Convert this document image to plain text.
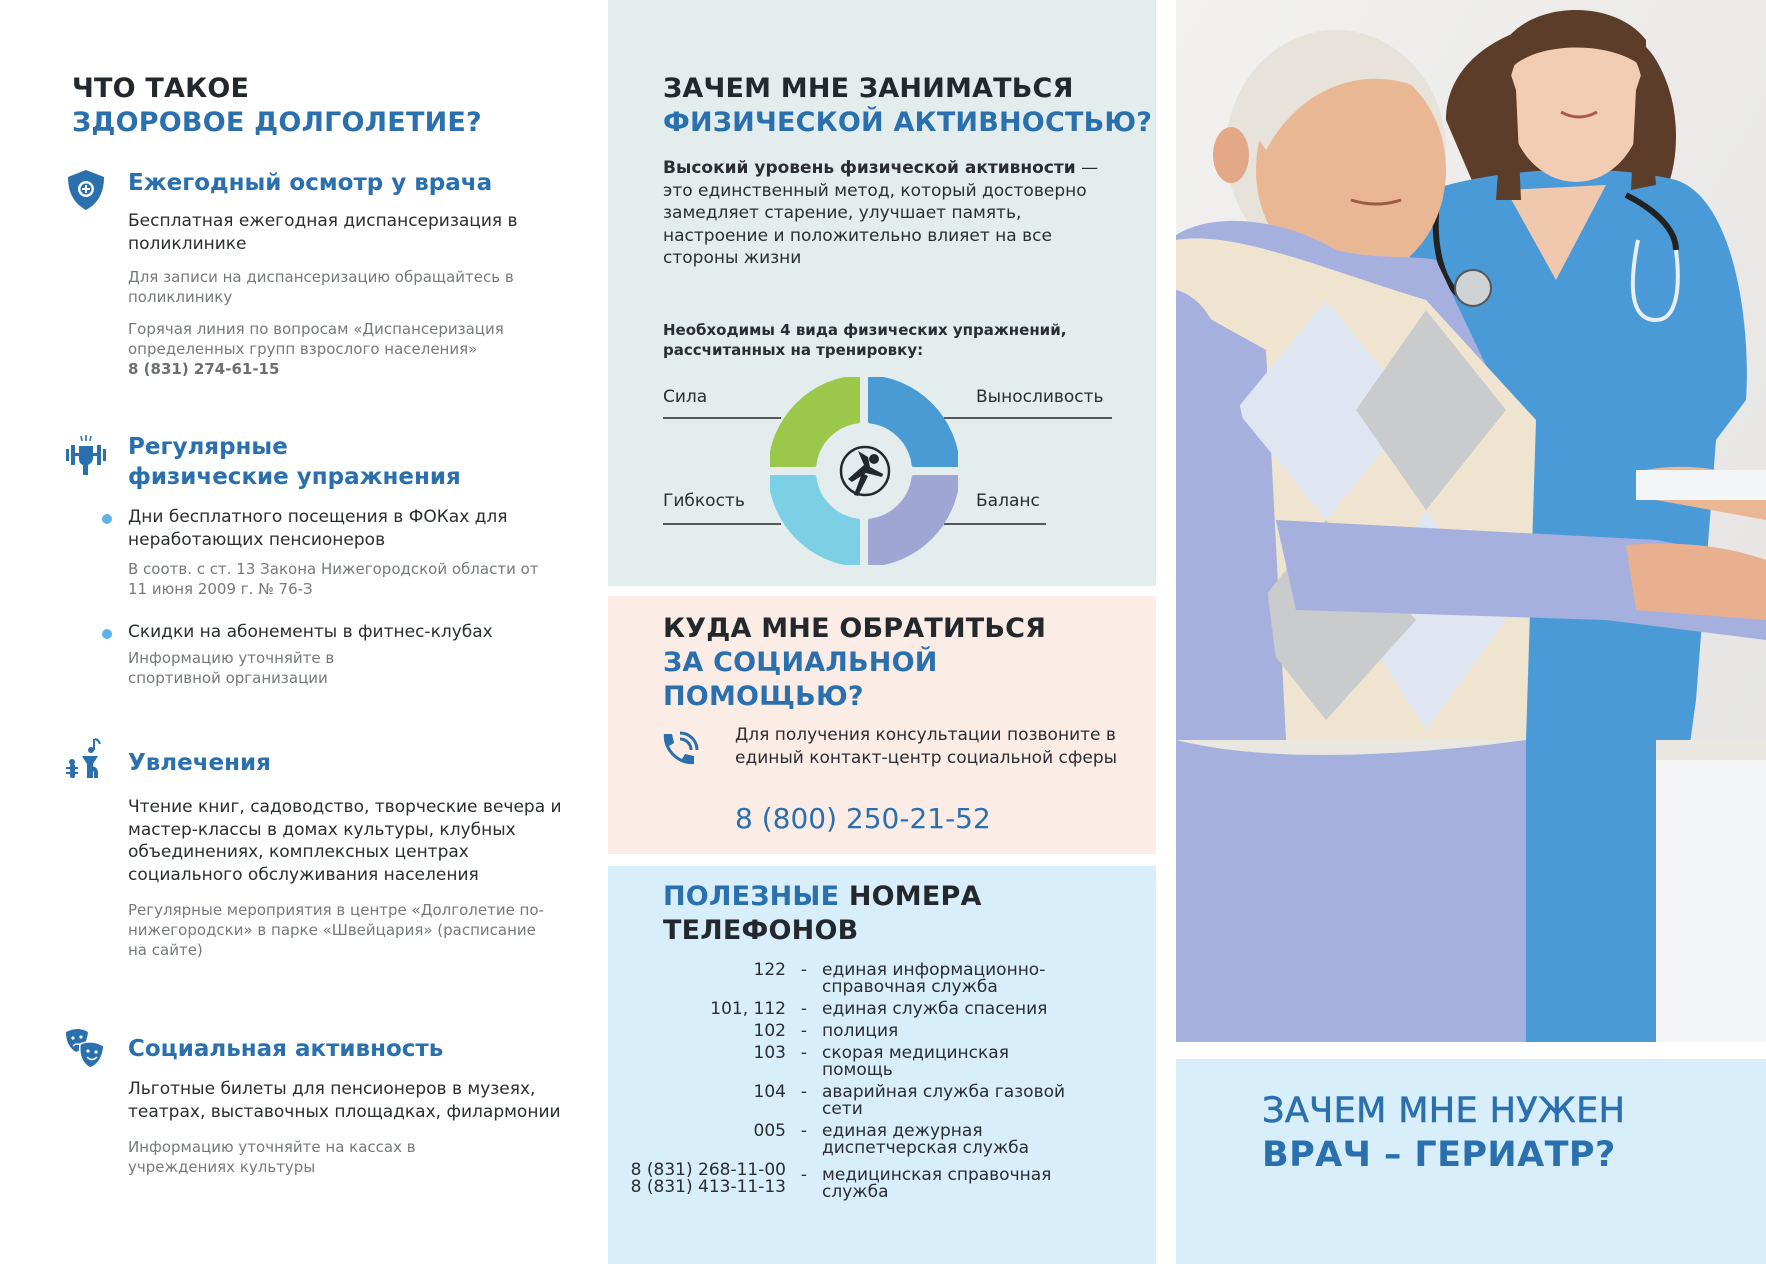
ЧТО ТАКОЕ
ЗДОРОВОЕ ДОЛГОЛЕТИЕ?
Ежегодный осмотр у врача
Бесплатная ежегодная диспансеризация в поликлинике
Для записи на диспансеризацию обращайтесь в поликлинику
Горячая линия по вопросам «Диспансеризация определенных групп взрослого населения»
8 (831) 274-61-15
Регулярные
физические упражнения
Дни бесплатного посещения в ФОКах для неработающих пенсионеров
В соотв. с ст. 13 Закона Нижегородской области от 11 июня 2009 г. № 76-З
Скидки на абонементы в фитнес-клубах
Информацию уточняйте в спортивной организации
Увлечения
Чтение книг, садоводство, творческие вечера и мастер-классы в домах культуры, клубных объединениях, комплексных центрах социального обслуживания населения
Регулярные мероприятия в центре «Долголетие по-нижегородски» в парке «Швейцария» (расписание на сайте)
Социальная активность
Льготные билеты для пенсионеров в музеях, театрах, выставочных площадках, филармонии
Информацию уточняйте на кассах в учреждениях культуры
ЗАЧЕМ МНЕ ЗАНИМАТЬСЯ
ФИЗИЧЕСКОЙ АКТИВНОСТЬЮ?
Высокий уровень физической активности — это единственный метод, который достоверно замедляет старение, улучшает память, настроение и положительно влияет на все стороны жизни
Необходимы 4 вида физических упражнений, рассчитанных на тренировку:
Сила	Выносливость
Гибкость	Баланс
КУДА МНЕ ОБРАТИТЬСЯ
ЗА СОЦИАЛЬНОЙ
ПОМОЩЬЮ?
Для получения консультации позвоните в единый контакт-центр социальной сферы
8 (800) 250-21-52
ПОЛЕЗНЫЕ НОМЕРА
ТЕЛЕФОНОВ
122 - единая информационно-
справочная служба
101, 112 - единая служба спасения
102 - полиция
103 - скорая медицинская
помощь
104 - аварийная служба газовой
сети
005 - единая дежурная
диспетчерская служба
8 (831) 268-11-00
8 (831) 413-11-13
- медицинская справочная
служба
ЗАЧЕМ МНЕ НУЖЕН
ВРАЧ – ГЕРИАТР?
